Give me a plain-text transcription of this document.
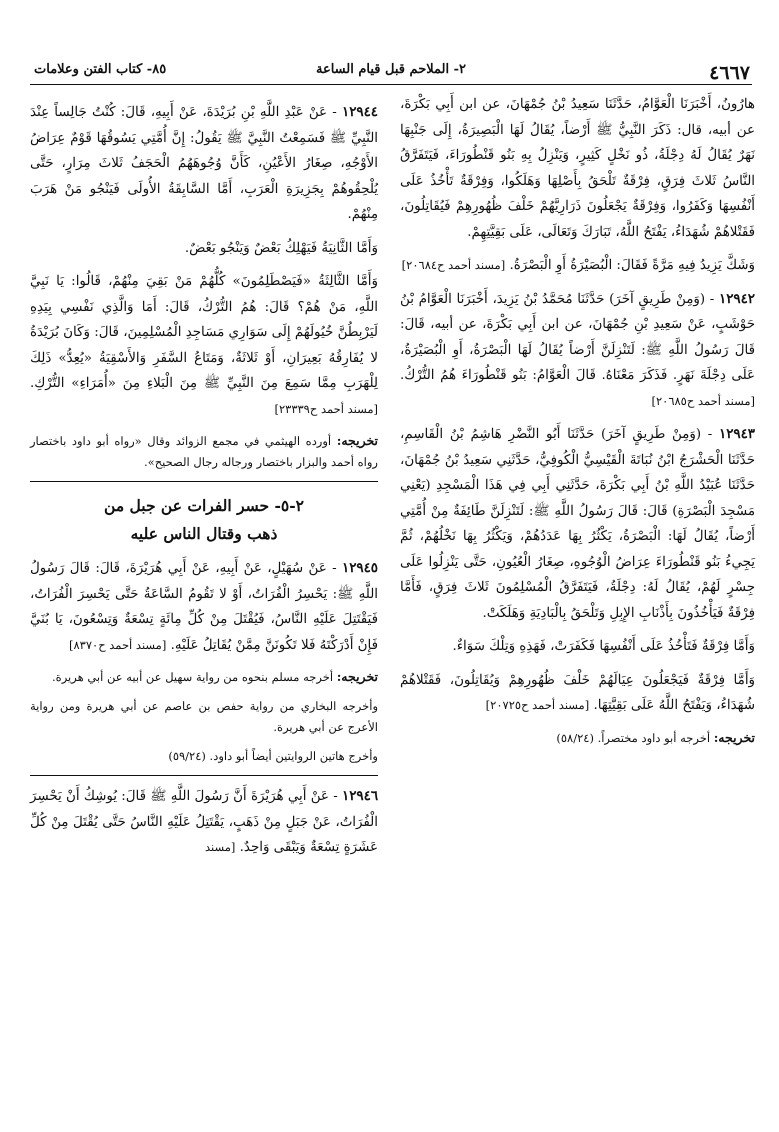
٤٦٦٧
٢- الملاحم قبل قيام الساعة
٨٥- كتاب الفتن وعلامات

هارُونُ، أَخْبَرَنَا الْعَوَّامُ، حَدَّثَنَا سَعِيدُ بْنُ جُمْهَانَ، عن ابن أَبِي بَكْرَةَ، عن أبيه، قال: ذَكَرَ النَّبِيُّ ﷺ أَرْضاً، يُقَالُ لَهَا الْبَصِيرَةُ، إِلَى جَنْبِهَا نَهَرٌ يُقَالُ لَهُ دِجْلَةُ، ذُو نَخْلٍ كَثِيرٍ، وَيَنْزِلُ بِهِ بَنُو قَنْطُورَاءَ، فَيَتَفَرَّقُ النَّاسُ ثَلاثَ فِرَقٍ، فِرْقَةٌ تَلْحَقُ بِأَصْلِهَا وَهَلَكُوا، وَفِرْقَةٌ تَأْخُذُ عَلَى أَنْفُسِهَا وَكَفَرُوا، وَفِرْقَةٌ يَجْعَلُونَ ذَرَارِيَّهُمْ خَلْفَ ظُهُورِهِمْ فَيُقَاتِلُونَ، فَقَتْلاهُمْ شُهَدَاءُ، يَفْتَحُ اللَّهُ، تَبَارَكَ وَتَعَالَى، عَلَى بَقِيَّتِهِمْ.

وَشَكَّ يَزِيدُ فِيهِ مَرَّةً فَقَالَ: الْبُصَيْرَةُ أَوِ الْبَصْرَةُ. [مسند أحمد ح٢٠٦٨٤]

١٢٩٤٢ - (وَمِنْ طَرِيقٍ آخَرَ) حَدَّثَنَا مُحَمَّدُ بْنُ يَزِيدَ، أَخْبَرَنَا الْعَوَّامُ بْنُ حَوْشَبٍ، عَنْ سَعِيدِ بْنِ جُمْهَانَ، عن ابن أَبِي بَكْرَةَ، عن أبيه، قَالَ: قَالَ رَسُولُ اللَّهِ ﷺ: لَتَنْزِلَنَّ أَرْضاً يُقَالُ لَهَا الْبَصْرَةُ، أَوِ الْبُصَيْرَةُ، عَلَى دِجْلَةَ نَهَرٍ. فَذَكَرَ مَعْنَاهُ. قَالَ الْعَوَّامُ: بَنُو قَنْطُورَاءَ هُمُ التُّرْكُ. [مسند أحمد ح٢٠٦٨٥]

١٢٩٤٣ - (وَمِنْ طَرِيقٍ آخَرَ) حَدَّثَنَا أَبُو النَّضْرِ هَاشِمُ بْنُ الْقَاسِمِ، حَدَّثَنَا الْحَشْرَجُ ابْنُ نُبَاتَةَ الْقَيْسِيُّ الْكُوفِيُّ، حَدَّثَنِي سَعِيدُ بْنُ جُمْهَانَ، حَدَّثَنَا عُبَيْدُ اللَّهِ بْنُ أَبِي بَكْرَةَ، حَدَّثَنِي أَبِي فِي هَذَا الْمَسْجِدِ (يَعْنِي مَسْجِدَ الْبَصْرَةِ) قَالَ: قَالَ رَسُولُ اللَّهِ ﷺ: لَتَنْزِلَنَّ طَائِفَةٌ مِنْ أُمَّتِي أَرْضاً، يُقَالُ لَهَا: الْبَصْرَةُ، يَكْثُرُ بِهَا عَدَدُهُمْ، وَيَكْثُرُ بِهَا نَخْلُهُمْ، ثُمَّ يَجِيءُ بَنُو قَنْطُورَاءَ عِرَاضُ الْوُجُوهِ، صِغَارُ الْعُيُونِ، حَتَّى يَنْزِلُوا عَلَى جِسْرٍ لَهُمْ، يُقَالُ لَهُ: دِجْلَةُ، فَيَتَفَرَّقُ الْمُسْلِمُونَ ثَلاثَ فِرَقٍ، فَأَمَّا فِرْقَةٌ فَيَأْخُذُونَ بِأَذْنَابِ الإِبِلِ وَتَلْحَقُ بِالْبَادِيَةِ وَهَلَكَتْ.

وَأَمَّا فِرْقَةٌ فَتَأْخُذُ عَلَى أَنْفُسِهَا فَكَفَرَتْ، فَهَذِهِ وَتِلْكَ سَوَاءٌ.

وَأَمَّا فِرْقَةٌ فَيَجْعَلُونَ عِيَالَهُمْ خَلْفَ ظُهُورِهِمْ وَيُقَاتِلُونَ، فَقَتْلاهُمْ شُهَدَاءُ، وَيَفْتَحُ اللَّهُ عَلَى بَقِيَّتِهَا. [مسند أحمد ح٢٠٧٢٥]

تخريجه: أخرجه أبو داود مختصراً. (٥٨/٢٤)

١٢٩٤٤ - عَنْ عَبْدِ اللَّهِ بْنِ بُرَيْدَةَ، عَنْ أَبِيهِ، قَالَ: كُنْتُ جَالِساً عِنْدَ النَّبِيِّ ﷺ فَسَمِعْتُ النَّبِيَّ ﷺ يَقُولُ: إِنَّ أُمَّتِي يَسُوقُهَا قَوْمٌ عِرَاضُ الأَوْجُهِ، صِغَارُ الأَعْيُنِ، كَأَنَّ وُجُوهَهُمُ الْحَجَفُ ثَلاثَ مِرَارٍ، حَتَّى يُلْحِقُوهُمْ بِجَزِيرَةِ الْعَرَبِ، أَمَّا السَّابِقَةُ الأُولَى فَيَنْجُو مَنْ هَرَبَ مِنْهُمْ.

وَأَمَّا الثَّانِيَةُ فَيَهْلِكُ بَعْضٌ وَيَنْجُو بَعْضٌ.

وَأَمَّا الثَّالِثَةُ «فَيَصْطَلِمُونَ» كُلُّهُمْ مَنْ بَقِيَ مِنْهُمْ، قَالُوا: يَا نَبِيَّ اللَّهِ، مَنْ هُمْ؟ قَالَ: هُمُ التُّرْكُ، قَالَ: أَمَا وَالَّذِي نَفْسِي بِيَدِهِ لَيَرْبِطُنَّ خُيُولَهُمْ إِلَى سَوَارِي مَسَاجِدِ الْمُسْلِمِينَ، قَالَ: وَكَانَ بُرَيْدَةُ لا يُفَارِقُهُ بَعِيرَانِ، أَوْ ثَلاثَةٌ، وَمَتَاعُ السَّفَرِ وَالأَسْقِيَةُ «يُعِدُّ» ذَلِكَ لِلْهَرَبِ مِمَّا سَمِعَ مِنَ النَّبِيِّ ﷺ مِنَ الْبَلاءِ مِنَ «أُمَرَاءِ» التُّرْكِ. [مسند أحمد ح٢٣٣٣٩]

تخريجه: أورده الهيثمي في مجمع الزوائد وقال «رواه أبو داود باختصار رواه أحمد والبزار باختصار ورجاله رجال الصحيح».

٢-٥- حسر الفرات عن جبل من
ذهب وقتال الناس عليه

١٢٩٤٥ - عَنْ سُهَيْلٍ، عَنْ أَبِيهِ، عَنْ أَبِي هُرَيْرَةَ، قَالَ: قَالَ رَسُولُ اللَّهِ ﷺ: يَحْسِرُ الْفُرَاتُ، أَوْ لا تَقُومُ السَّاعَةُ حَتَّى يَحْسِرَ الْفُرَاتُ، فَيَقْتَتِلَ عَلَيْهِ النَّاسُ، فَيُقْتَلَ مِنْ كُلِّ مِائَةٍ تِسْعَةٌ وَتِسْعُونَ، يَا بُنَيَّ فَإِنْ أَدْرَكْتَهُ فَلا تَكُونَنَّ مِمَّنْ يُقَاتِلُ عَلَيْهِ. [مسند أحمد ح٨٣٧٠]

تخريجه: أخرجه مسلم بنحوه من رواية سهيل عن أبيه عن أبي هريرة.

وأخرجه البخاري من رواية حفص بن عاصم عن أبي هريرة ومن رواية الأعرج عن أبي هريرة.

وأخرج هاتين الروايتين أيضاً أبو داود. (٥٩/٢٤)

١٢٩٤٦ - عَنْ أَبِي هُرَيْرَةَ أَنَّ رَسُولَ اللَّهِ ﷺ قَالَ: يُوشِكُ أَنْ يَحْسِرَ الْفُرَاتُ، عَنْ جَبَلٍ مِنْ ذَهَبٍ، يَقْتَتِلُ عَلَيْهِ النَّاسُ حَتَّى يُقْتَلَ مِنْ كُلِّ عَشَرَةٍ تِسْعَةٌ وَيَبْقَى وَاحِدٌ. [مسند
